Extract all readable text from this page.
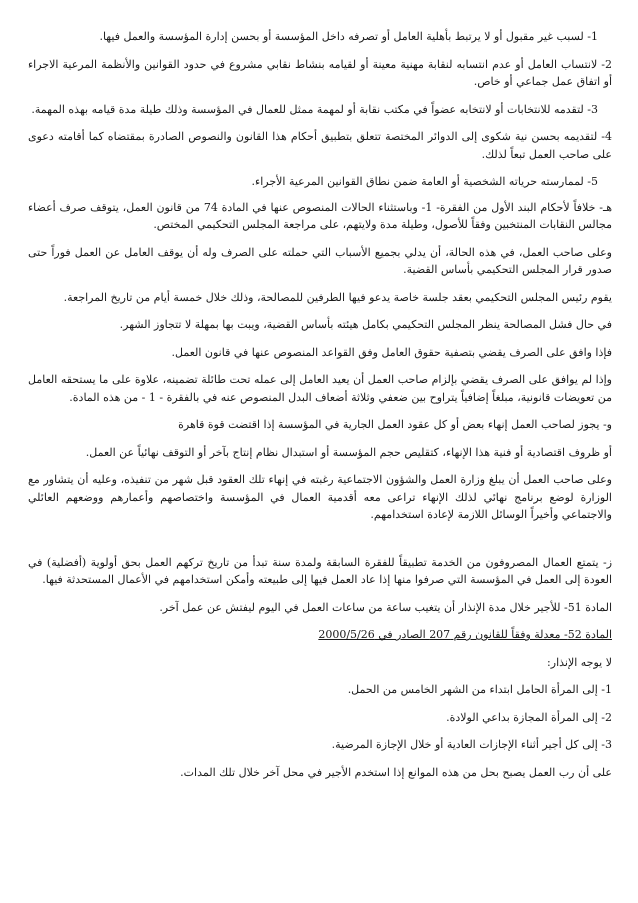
1- لسبب غير مقبول أو لا يرتبط بأهلية العامل أو تصرفه داخل المؤسسة أو بحسن إدارة المؤسسة والعمل فيها.

2- لانتساب العامل أو عدم انتسابه لنقابة مهنية معينة أو لقيامه بنشاط نقابي مشروع في حدود القوانين والأنظمة المرعية الاجراء أو اتفاق عمل جماعي أو خاص.

3- لتقدمه للانتخابات أو لانتخابه عضواً في مكتب نقابة أو لمهمة ممثل للعمال في المؤسسة وذلك طيلة مدة قيامه بهذه المهمة.

4- لتقديمه بحسن نية شكوى إلى الدوائر المختصة تتعلق بتطبيق أحكام هذا القانون والنصوص الصادرة بمقتضاه كما أقامته دعوى على صاحب العمل تبعاً لذلك.

5- لممارسته حرياته الشخصية أو العامة ضمن نطاق القوانين المرعية الأجراء.

هـ- خلافاً لأحكام البند الأول من الفقرة- 1- وباستثناء الحالات المنصوص عنها في المادة 74 من قانون العمل، يتوقف صرف أعضاء مجالس النقابات المنتخبين وفقاً للأصول، وطيلة مدة ولايتهم، على مراجعة المجلس التحكيمي المختص.

وعلى صاحب العمل، في هذه الحالة، أن يدلي بجميع الأسباب التي حملته على الصرف وله أن يوقف العامل عن العمل فوراً حتى صدور قرار المجلس التحكيمي بأساس القضية.

يقوم رئيس المجلس التحكيمي بعقد جلسة خاصة يدعو فيها الطرفين للمصالحة، وذلك خلال خمسة أيام من تاريخ المراجعة.

في حال فشل المصالحة ينظر المجلس التحكيمي بكامل هيئته بأساس القضية، ويبت بها بمهلة لا تتجاوز الشهر.

فإذا وافق على الصرف يقضي بتصفية حقوق العامل وفق القواعد المنصوص عنها في قانون العمل.

وإذا لم يوافق على الصرف يقضي بإلزام صاحب العمل أن يعيد العامل إلى عمله تحت طائلة تضمينه، علاوة على ما يستحقه العامل من تعويضات قانونية، مبلغاً إضافياً يتراوح بين ضعفي وثلاثة أضعاف البدل المنصوص عنه في بالفقرة - 1 - من هذه المادة.

و- يجوز لصاحب العمل إنهاء بعض أو كل عقود العمل الجارية في المؤسسة إذا اقتضت قوة قاهرة

أو ظروف اقتصادية أو فنية هذا الإنهاء، كتقليص حجم المؤسسة أو استبدال نظام إنتاج بآخر أو التوقف نهائياً عن العمل.

وعلى صاحب العمل أن يبلغ وزارة العمل والشؤون الاجتماعية رغبته في إنهاء تلك العقود قبل شهر من تنفيذه، وعليه أن يتشاور مع الوزارة لوضع برنامج نهائي لذلك الإنهاء تراعى معه أقدمية العمال في المؤسسة واختصاصهم وأعمارهم ووضعهم العائلي والاجتماعي وأخيراً الوسائل اللازمة لإعادة استخدامهم.

ز- يتمتع العمال المصروفون من الخدمة تطبيقاً للفقرة السابقة ولمدة سنة تبدأ من تاريخ تركهم العمل بحق أولوية (أفضلية) في العودة إلى العمل في المؤسسة التي صرفوا منها إذا عاد العمل فيها إلى طبيعته وأمكن استخدامهم في الأعمال المستحدثة فيها.

المادة 51- للأجير خلال مدة الإنذار أن يتغيب ساعة من ساعات العمل في اليوم ليفتش عن عمل آخر.

المادة 52- معدلة وفقاً للقانون رقم 207 الصادر في 2000/5/26

لا يوجه الإنذار:

1- إلى المرأة الحامل ابتداء من الشهر الخامس من الحمل.

2- إلى المرأة المجازة بداعي الولادة.

3- إلى كل أجير أثناء الإجازات العادية أو خلال الإجازة المرضية.

على أن رب العمل يصبح بحل من هذه الموانع إذا استخدم الأجير في محل آخر خلال تلك المدات.
